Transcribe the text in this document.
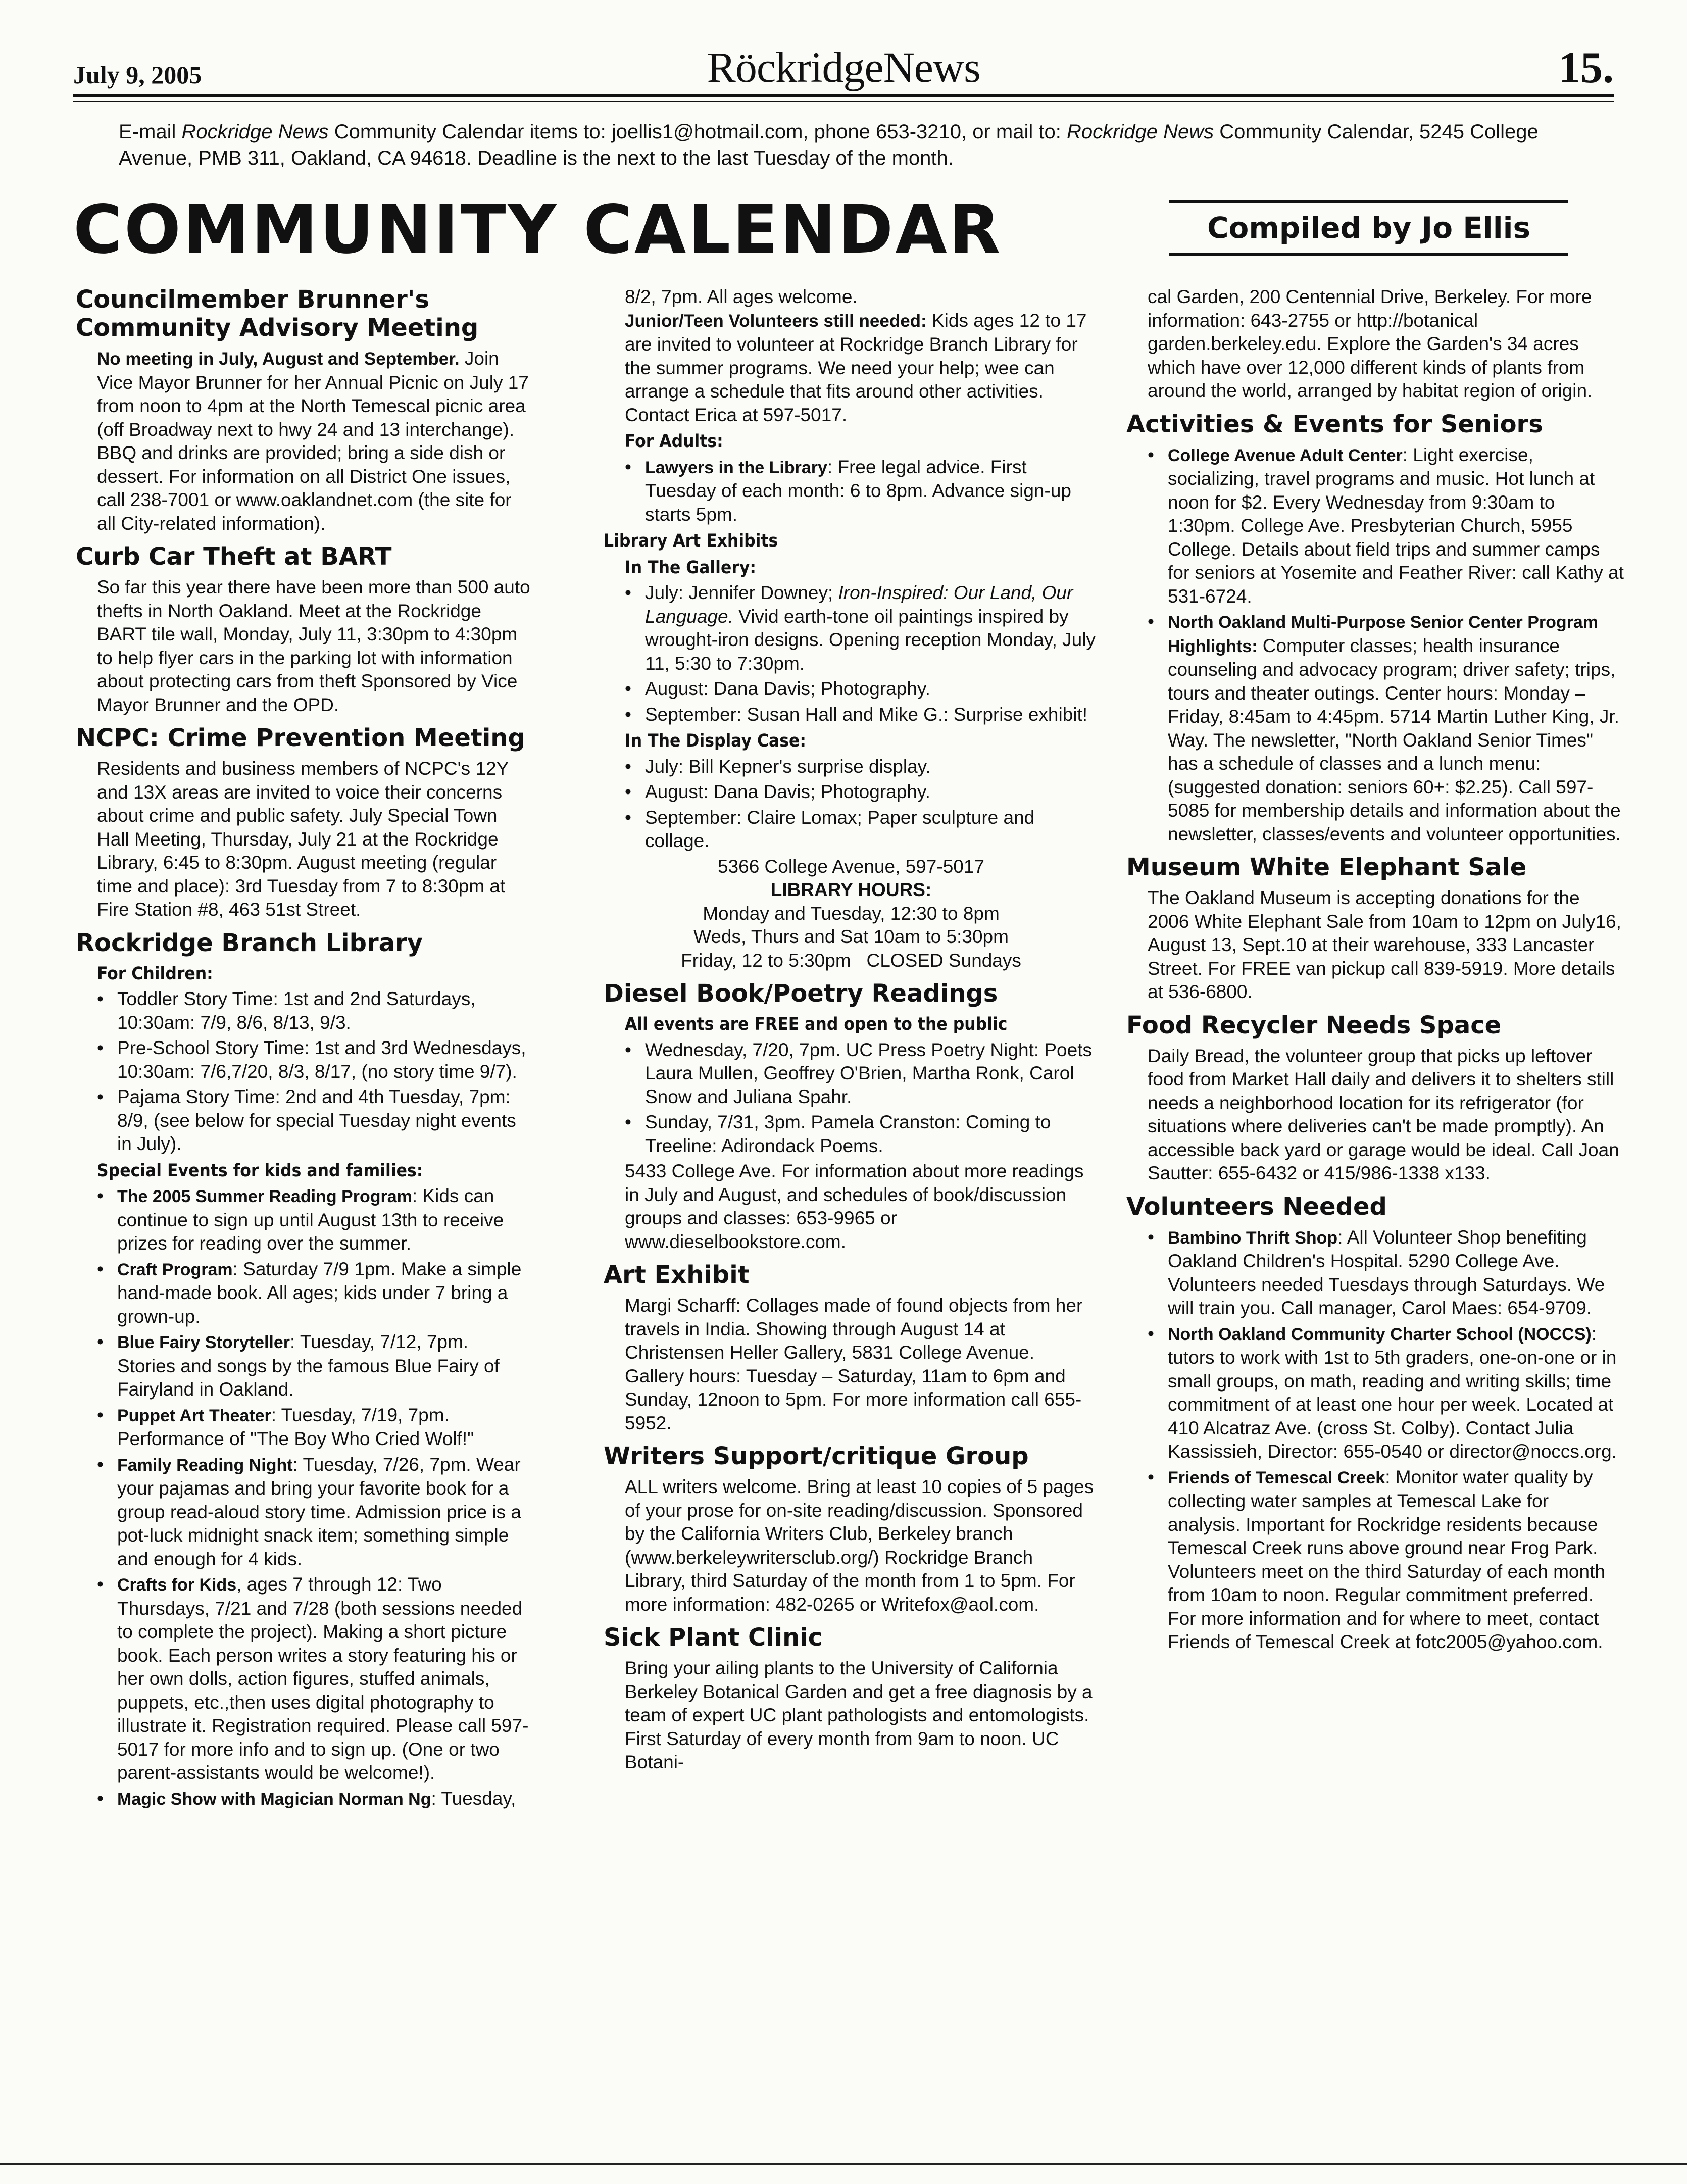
July 9, 2005	RöckridgeNews	15.
E-mail Rockridge News Community Calendar items to: joellis1@hotmail.com, phone 653-3210, or mail to: Rockridge News Community Calendar, 5245 College Avenue, PMB 311, Oakland, CA 94618. Deadline is the next to the last Tuesday of the month.
COMMUNITY CALENDAR	Compiled by Jo Ellis
Councilmember Brunner's Community Advisory Meeting

No meeting in July, August and September. Join Vice Mayor Brunner for her Annual Picnic on July 17 from noon to 4pm at the North Temescal picnic area (off Broadway next to hwy 24 and 13 interchange). BBQ and drinks are provided; bring a side dish or dessert. For information on all District One issues, call 238-7001 or www.oaklandnet.com (the site for all City-related information).

Curb Car Theft at BART

So far this year there have been more than 500 auto thefts in North Oakland. Meet at the Rockridge BART tile wall, Monday, July 11, 3:30pm to 4:30pm to help flyer cars in the parking lot with information about protecting cars from theft Sponsored by Vice Mayor Brunner and the OPD.

NCPC: Crime Prevention Meeting

Residents and business members of NCPC's 12Y and 13X areas are invited to voice their concerns about crime and public safety. July Special Town Hall Meeting, Thursday, July 21 at the Rockridge Library, 6:45 to 8:30pm. August meeting (regular time and place): 3rd Tuesday from 7 to 8:30pm at Fire Station #8, 463 51st Street.

Rockridge Branch Library
For Children:
• Toddler Story Time: 1st and 2nd Saturdays, 10:30am: 7/9, 8/6, 8/13, 9/3.
• Pre-School Story Time: 1st and 3rd Wednesdays, 10:30am: 7/6,7/20, 8/3, 8/17, (no story time 9/7).
• Pajama Story Time: 2nd and 4th Tuesday, 7pm: 8/9, (see below for special Tuesday night events in July).
Special Events for kids and families:
• The 2005 Summer Reading Program: Kids can continue to sign up until August 13th to receive prizes for reading over the summer.
• Craft Program: Saturday 7/9 1pm. Make a simple hand-made book. All ages; kids under 7 bring a grown-up.
• Blue Fairy Storyteller: Tuesday, 7/12, 7pm. Stories and songs by the famous Blue Fairy of Fairyland in Oakland.
• Puppet Art Theater: Tuesday, 7/19, 7pm. Performance of "The Boy Who Cried Wolf!"
• Family Reading Night: Tuesday, 7/26, 7pm. Wear your pajamas and bring your favorite book for a group read-aloud story time. Admission price is a pot-luck midnight snack item; something simple and enough for 4 kids.
• Crafts for Kids, ages 7 through 12: Two Thursdays, 7/21 and 7/28 (both sessions needed to complete the project). Making a short picture book. Each person writes a story featuring his or her own dolls, action figures, stuffed animals, puppets, etc.,then uses digital photography to illustrate it. Registration required. Please call 597-5017 for more info and to sign up. (One or two parent-assistants would be welcome!).
• Magic Show with Magician Norman Ng: Tuesday,

8/2, 7pm. All ages welcome.

Junior/Teen Volunteers still needed: Kids ages 12 to 17 are invited to volunteer at Rockridge Branch Library for the summer programs. We need your help; wee can arrange a schedule that fits around other activities. Contact Erica at 597-5017.

For Adults:
• Lawyers in the Library: Free legal advice. First Tuesday of each month: 6 to 8pm. Advance sign-up starts 5pm.
Library Art Exhibits
In The Gallery:
• July: Jennifer Downey; Iron-Inspired: Our Land, Our Language. Vivid earth-tone oil paintings inspired by wrought-iron designs. Opening reception Monday, July 11, 5:30 to 7:30pm.
• August: Dana Davis; Photography.
• September: Susan Hall and Mike G.: Surprise exhibit!
In The Display Case:
• July: Bill Kepner's surprise display.
• August: Dana Davis; Photography.
• September: Claire Lomax; Paper sculpture and collage.
5366 College Avenue, 597-5017
LIBRARY HOURS:
Monday and Tuesday, 12:30 to 8pm
Weds, Thurs and Sat 10am to 5:30pm
Friday, 12 to 5:30pm   CLOSED Sundays
Diesel Book/Poetry Readings
All events are FREE and open to the public
• Wednesday, 7/20, 7pm. UC Press Poetry Night: Poets Laura Mullen, Geoffrey O'Brien, Martha Ronk, Carol Snow and Juliana Spahr.
• Sunday, 7/31, 3pm. Pamela Cranston: Coming to Treeline: Adirondack Poems.

5433 College Ave. For information about more readings in July and August, and schedules of book/discussion groups and classes: 653-9965 or www.dieselbookstore.com.

Art Exhibit

Margi Scharff: Collages made of found objects from her travels in India. Showing through August 14 at Christensen Heller Gallery, 5831 College Avenue. Gallery hours: Tuesday – Saturday, 11am to 6pm and Sunday, 12noon to 5pm. For more information call 655-5952.

Writers Support/critique Group

ALL writers welcome. Bring at least 10 copies of 5 pages of your prose for on-site reading/discussion. Sponsored by the California Writers Club, Berkeley branch (www.berkeleywritersclub.org/) Rockridge Branch Library, third Saturday of the month from 1 to 5pm. For more information: 482-0265 or Writefox@aol.com.

Sick Plant Clinic

Bring your ailing plants to the University of California Berkeley Botanical Garden and get a free diagnosis by a team of expert UC plant pathologists and entomologists. First Saturday of every month from 9am to noon. UC Botani-

cal Garden, 200 Centennial Drive, Berkeley. For more information: 643-2755 or http://botanical garden.berkeley.edu. Explore the Garden's 34 acres which have over 12,000 different kinds of plants from around the world, arranged by habitat region of origin.

Activities & Events for Seniors
• College Avenue Adult Center: Light exercise, socializing, travel programs and music. Hot lunch at noon for $2. Every Wednesday from 9:30am to 1:30pm. College Ave. Presbyterian Church, 5955 College. Details about field trips and summer camps for seniors at Yosemite and Feather River: call Kathy at 531-6724.
• North Oakland Multi-Purpose Senior Center Program Highlights: Computer classes; health insurance counseling and advocacy program; driver safety; trips, tours and theater outings. Center hours: Monday – Friday, 8:45am to 4:45pm. 5714 Martin Luther King, Jr. Way. The newsletter, "North Oakland Senior Times" has a schedule of classes and a lunch menu: (suggested donation: seniors 60+: $2.25). Call 597-5085 for membership details and information about the newsletter, classes/events and volunteer opportunities.
Museum White Elephant Sale

The Oakland Museum is accepting donations for the 2006 White Elephant Sale from 10am to 12pm on July16, August 13, Sept.10 at their warehouse, 333 Lancaster Street. For FREE van pickup call 839-5919. More details at 536-6800.

Food Recycler Needs Space

Daily Bread, the volunteer group that picks up leftover food from Market Hall daily and delivers it to shelters still needs a neighborhood location for its refrigerator (for situations where deliveries can't be made promptly). An accessible back yard or garage would be ideal. Call Joan Sautter: 655-6432 or 415/986-1338 x133.

Volunteers Needed
• Bambino Thrift Shop: All Volunteer Shop benefiting Oakland Children's Hospital. 5290 College Ave. Volunteers needed Tuesdays through Saturdays. We will train you. Call manager, Carol Maes: 654-9709.
• North Oakland Community Charter School (NOCCS): tutors to work with 1st to 5th graders, one-on-one or in small groups, on math, reading and writing skills; time commitment of at least one hour per week. Located at 410 Alcatraz Ave. (cross St. Colby). Contact Julia Kassissieh, Director: 655-0540 or director@noccs.org.
• Friends of Temescal Creek: Monitor water quality by collecting water samples at Temescal Lake for analysis. Important for Rockridge residents because Temescal Creek runs above ground near Frog Park. Volunteers meet on the third Saturday of each month from 10am to noon. Regular commitment preferred. For more information and for where to meet, contact Friends of Temescal Creek at fotc2005@yahoo.com.
